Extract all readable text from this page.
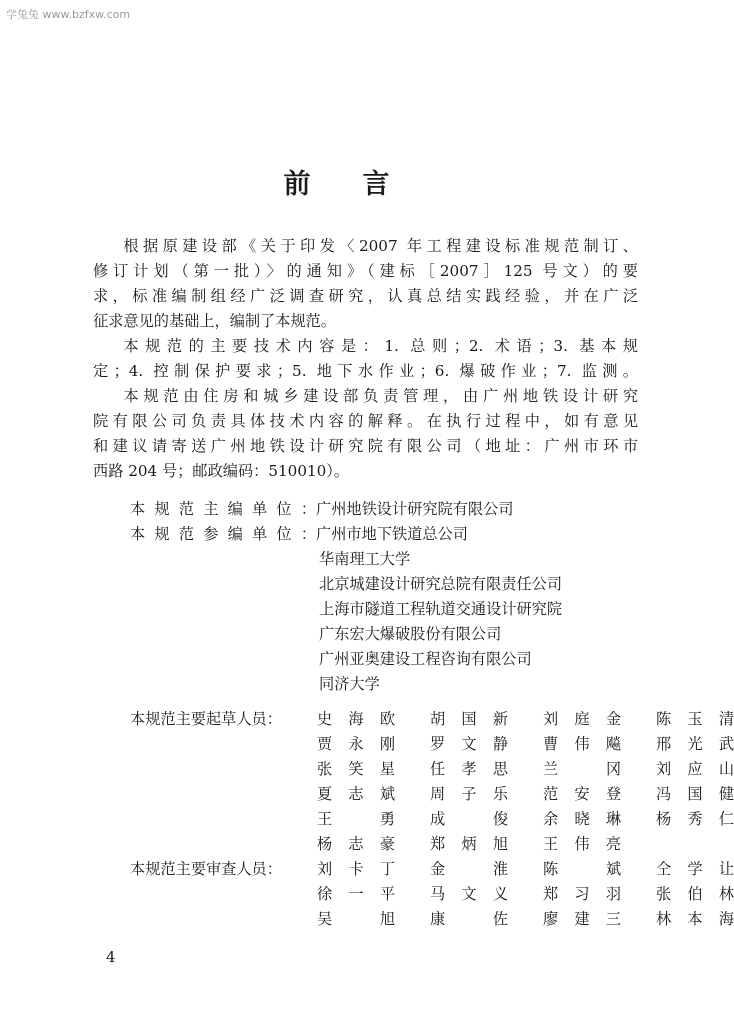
学兔兔 www.bzfxw.com
前言

根据原建设部《关于印发〈2007 年工程建设标准规范制订、
修订计划（第一批）〉的通知》（建标［2007］125 号文）的要
求，标准编制组经广泛调查研究，认真总结实践经验，并在广泛
征求意见的基础上，编制了本规范。

本规范的主要技术内容是：1. 总则；2. 术语；3. 基本规
定；4. 控制保护要求；5. 地下水作业；6. 爆破作业；7. 监测。

本规范由住房和城乡建设部负责管理，由广州地铁设计研究
院有限公司负责具体技术内容的解释。在执行过程中，如有意见
和建议请寄送广州地铁设计研究院有限公司（地址：广州市环市
西路 204 号；邮政编码：510010）。

本规范主编单位：广州地铁设计研究院有限公司
本规范参编单位：广州市地下铁道总公司
华南理工大学
北京城建设计研究总院有限责任公司
上海市隧道工程轨道交通设计研究院
广东宏大爆破股份有限公司
广州亚奥建设工程咨询有限公司
同济大学
本规范主要起草人员： 史海欧 胡国新 刘庭金 陈玉清
贾永刚 罗文静 曹伟飚 邢光武
张笑星 任孝思 兰　冈 刘应山
夏志斌 周子乐 范安登 冯国健
王　勇 成　俊 余晓琳 杨秀仁
杨志豪 郑炳旭 王伟亮
本规范主要审查人员： 刘卡丁 金　淮 陈　斌 仝学让
徐一平 马文义 郑习羽 张伯林
吴　旭 康　佐 廖建三 林本海
4
